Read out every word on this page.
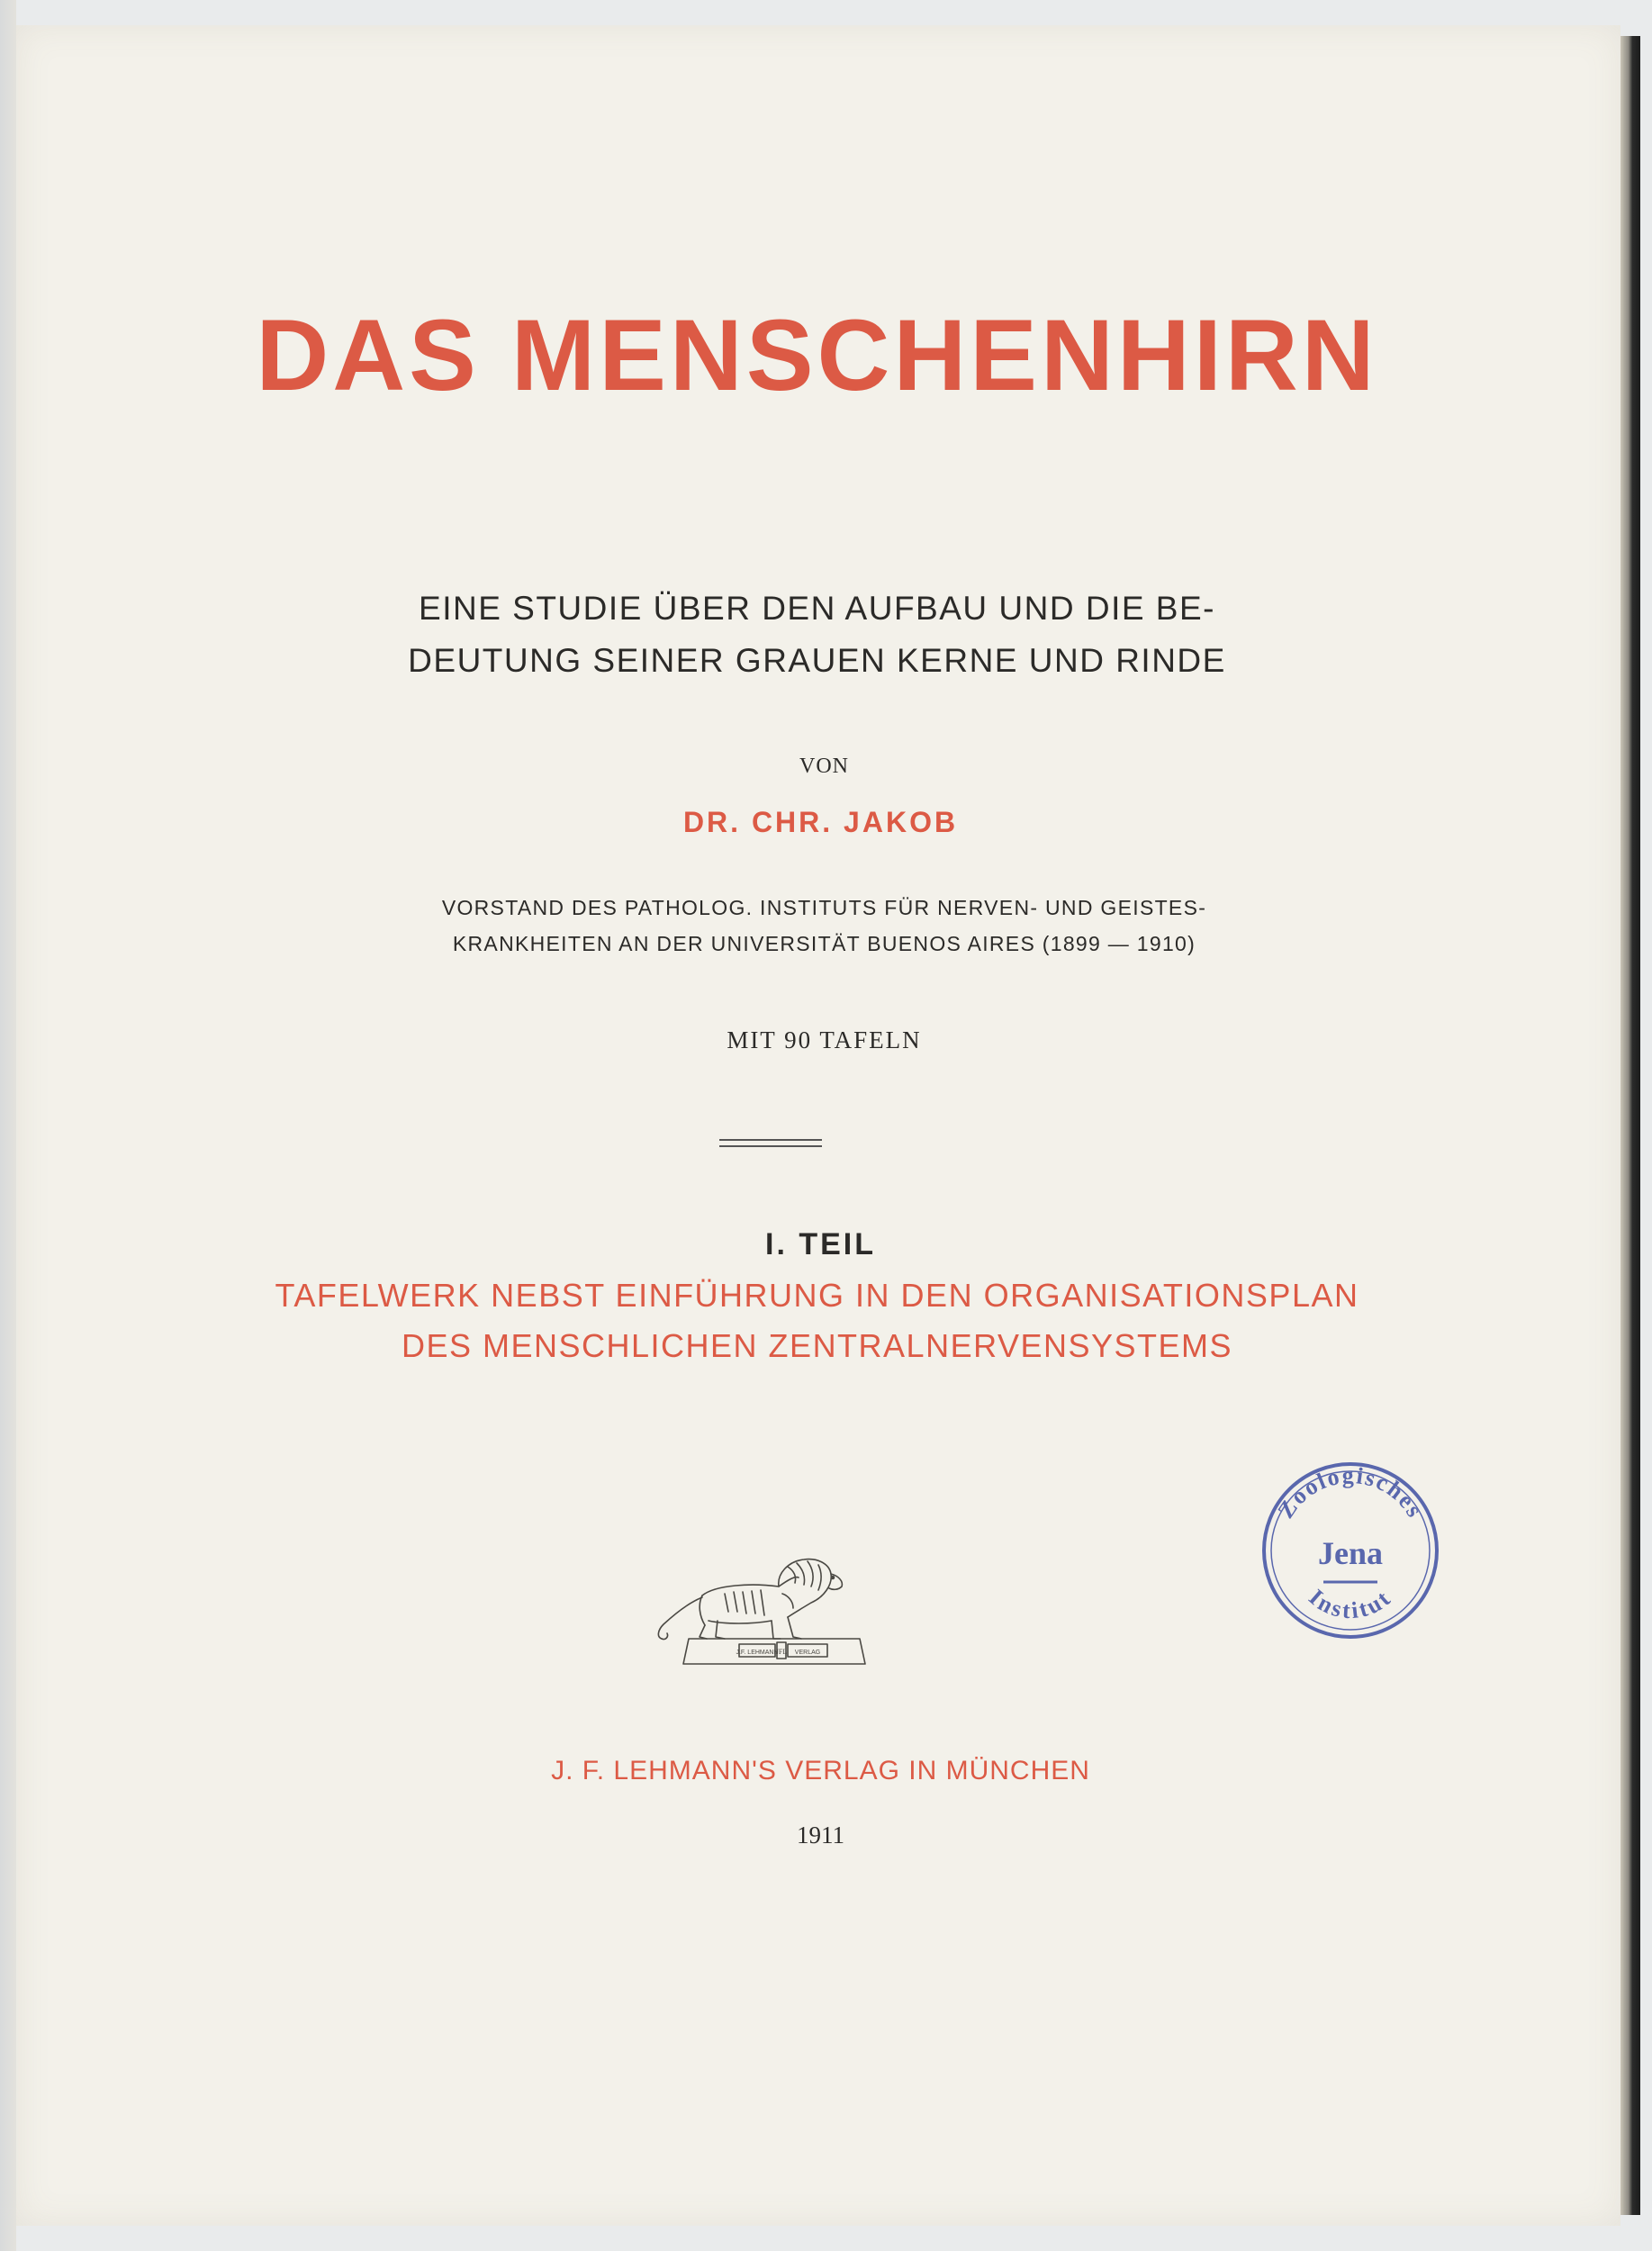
DAS MENSCHENHIRN

EINE STUDIE ÜBER DEN AUFBAU UND DIE BE-

DEUTUNG SEINER GRAUEN KERNE UND RINDE

VON

DR. CHR. JAKOB

VORSTAND DES PATHOLOG. INSTITUTS FÜR NERVEN- UND GEISTES-

KRANKHEITEN AN DER UNIVERSITÄT BUENOS AIRES (1899 — 1910)

MIT 90 TAFELN

I. TEIL

TAFELWERK NEBST EINFÜHRUNG IN DEN ORGANISATIONSPLAN

DES MENSCHLICHEN ZENTRALNERVENSYSTEMS

J.F. LEHMANN	VERLAG
JFL
Zoologisches
Jena
Institut

J. F. LEHMANN'S VERLAG IN MÜNCHEN

1911
